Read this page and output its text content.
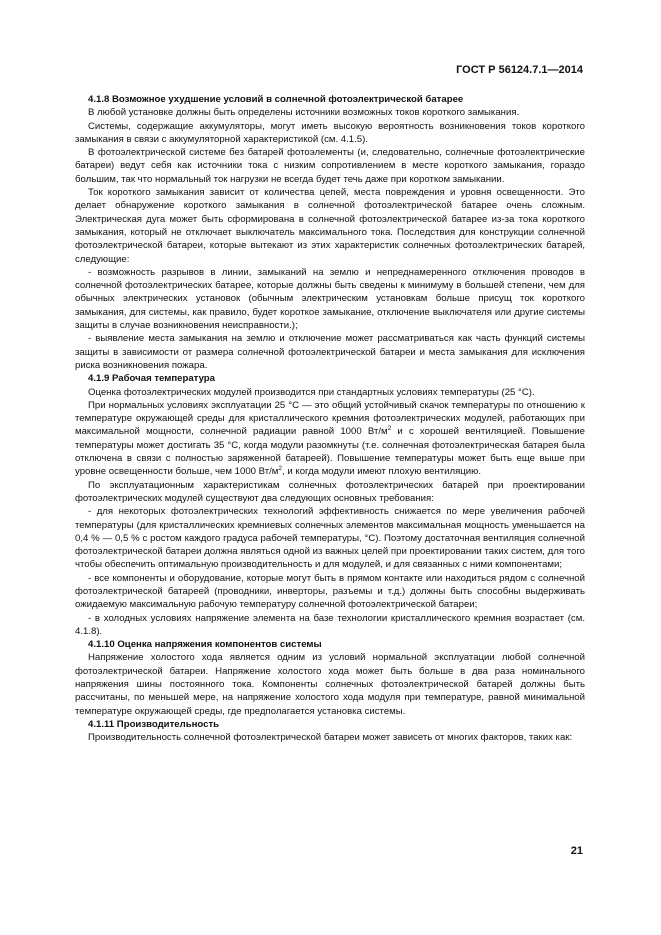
ГОСТ Р 56124.7.1—2014

4.1.8 Возможное ухудшение условий в солнечной фотоэлектрической батарее

В любой установке должны быть определены источники возможных токов короткого замыкания.

Системы, содержащие аккумуляторы, могут иметь высокую вероятность возникновения токов короткого замыкания в связи с аккумуляторной характеристикой (см. 4.1.5).

В фотоэлектрической системе без батарей фотоэлементы (и, следовательно, солнечные фотоэлектрические батареи) ведут себя как источники тока с низким сопротивлением в месте короткого замыкания, гораздо большим, так что нормальный ток нагрузки не всегда будет течь даже при коротком замыкании.

Ток короткого замыкания зависит от количества цепей, места повреждения и уровня освещенности. Это делает обнаружение короткого замыкания в солнечной фотоэлектрической батарее очень сложным. Электрическая дуга может быть сформирована в солнечной фотоэлектрической батарее из-за тока короткого замыкания, который не отключает выключатель максимального тока. Последствия для конструкции солнечной фотоэлектрической батареи, которые вытекают из этих характеристик солнечных фотоэлектрических батарей, следующие:

- возможность разрывов в линии, замыканий на землю и непреднамеренного отключения проводов в солнечной фотоэлектрических батарее, которые должны быть сведены к минимуму в большей степени, чем для обычных электрических установок (обычным электрическим установкам больше присущ ток короткого замыкания, для системы, как правило, будет короткое замыкание, отключение выключателя или другие системы защиты в случае возникновения неисправности.);

- выявление места замыкания на землю и отключение может рассматриваться как часть функций системы защиты в зависимости от размера солнечной фотоэлектрической батареи и места замыкания для исключения риска возникновения пожара.

4.1.9 Рабочая температура

Оценка фотоэлектрических модулей производится при стандартных условиях температуры (25 °С).

При нормальных условиях эксплуатации 25 °С — это общий устойчивый скачок температуры по отношению к температуре окружающей среды для кристаллического кремния фотоэлектрических модулей, работающих при максимальной мощности, солнечной радиации равной 1000 $Вт/м^2$ и с хорошей вентиляцией. Повышение температуры может достигать 35 °С, когда модули разомкнуты (т.е. солнечная фотоэлектрическая батарея была отключена в связи с полностью заряженной батареей). Повышение температуры может быть еще выше при уровне освещенности больше, чем 1000 $Вт/м^2$, и когда модули имеют плохую вентиляцию.

По эксплуатационным характеристикам солнечных фотоэлектрических батарей при проектировании фотоэлектрических модулей существуют два следующих основных требования:

- для некоторых фотоэлектрических технологий эффективность снижается по мере увеличения рабочей температуры (для кристаллических кремниевых солнечных элементов максимальная мощность уменьшается на 0,4 % — 0,5 % с ростом каждого градуса рабочей температуры, °С). Поэтому достаточная вентиляция солнечной фотоэлектрической батареи должна являться одной из важных целей при проектировании таких систем, для того чтобы обеспечить оптимальную производительность и для модулей, и для связанных с ними компонентами;

- все компоненты и оборудование, которые могут быть в прямом контакте или находиться рядом с солнечной фотоэлектрической батареей (проводники, инверторы, разъемы и т.д.) должны быть способны выдерживать ожидаемую максимальную рабочую температуру солнечной фотоэлектрической батареи;

- в холодных условиях напряжение элемента на базе технологии кристаллического кремния возрастает (см. 4.1.8).

4.1.10 Оценка напряжения компонентов системы

Напряжение холостого хода является одним из условий нормальной эксплуатации любой солнечной фотоэлектрической батареи. Напряжение холостого хода может быть больше в два раза номинального напряжения шины постоянного тока. Компоненты солнечных фотоэлектрической батарей должны быть рассчитаны, по меньшей мере, на напряжение холостого хода модуля при температуре, равной минимальной температуре окружающей среды, где предполагается установка системы.

4.1.11 Производительность

Производительность солнечной фотоэлектрической батареи может зависеть от многих факторов, таких как:

21
